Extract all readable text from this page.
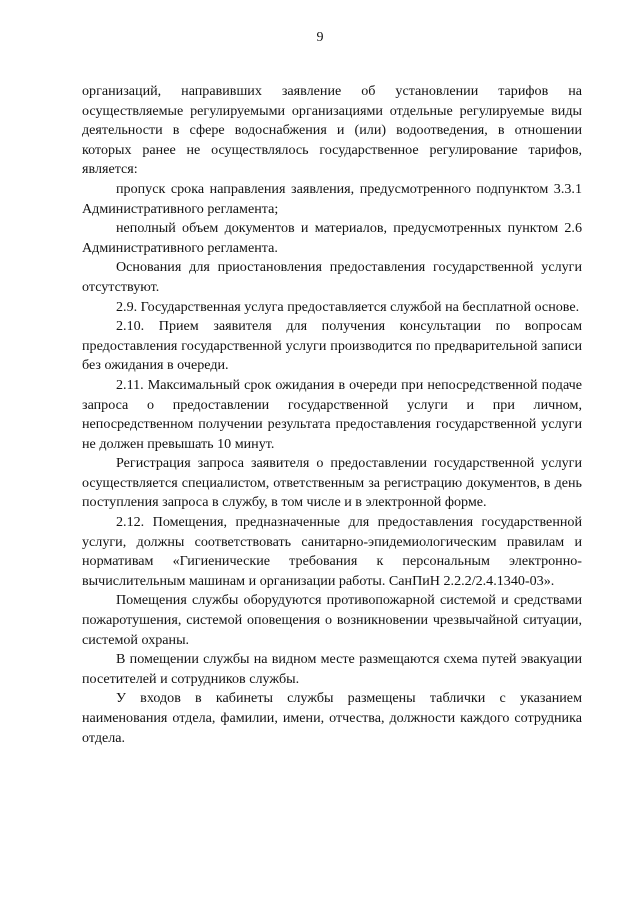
9

организаций, направивших заявление об установлении тарифов на осуществляемые регулируемыми организациями отдельные регулируемые виды деятельности в сфере водоснабжения и (или) водоотведения, в отношении которых ранее не осуществлялось государственное регулирование тарифов, является:

пропуск срока направления заявления, предусмотренного подпунктом 3.3.1 Административного регламента;

неполный объем документов и материалов, предусмотренных пунктом 2.6 Административного регламента.

Основания для приостановления предоставления государственной услуги отсутствуют.

2.9. Государственная услуга предоставляется службой на бесплатной основе.

2.10. Прием заявителя для получения консультации по вопросам предоставления государственной услуги производится по предварительной записи без ожидания в очереди.

2.11. Максимальный срок ожидания в очереди при непосредственной подаче запроса о предоставлении государственной услуги и при личном, непосредственном получении результата предоставления государственной услуги не должен превышать 10 минут.

Регистрация запроса заявителя о предоставлении государственной услуги осуществляется специалистом, ответственным за регистрацию документов, в день поступления запроса в службу, в том числе и в электронной форме.

2.12. Помещения, предназначенные для предоставления государственной услуги, должны соответствовать санитарно-эпидемиологическим правилам и нормативам «Гигиенические требования к персональным электронно-вычислительным машинам и организации работы. СанПиН 2.2.2/2.4.1340-03».

Помещения службы оборудуются противопожарной системой и средствами пожаротушения, системой оповещения о возникновении чрезвычайной ситуации, системой охраны.

В помещении службы на видном месте размещаются схема путей эвакуации посетителей и сотрудников службы.

У входов в кабинеты службы размещены таблички с указанием наименования отдела, фамилии, имени, отчества, должности каждого сотрудника отдела.
